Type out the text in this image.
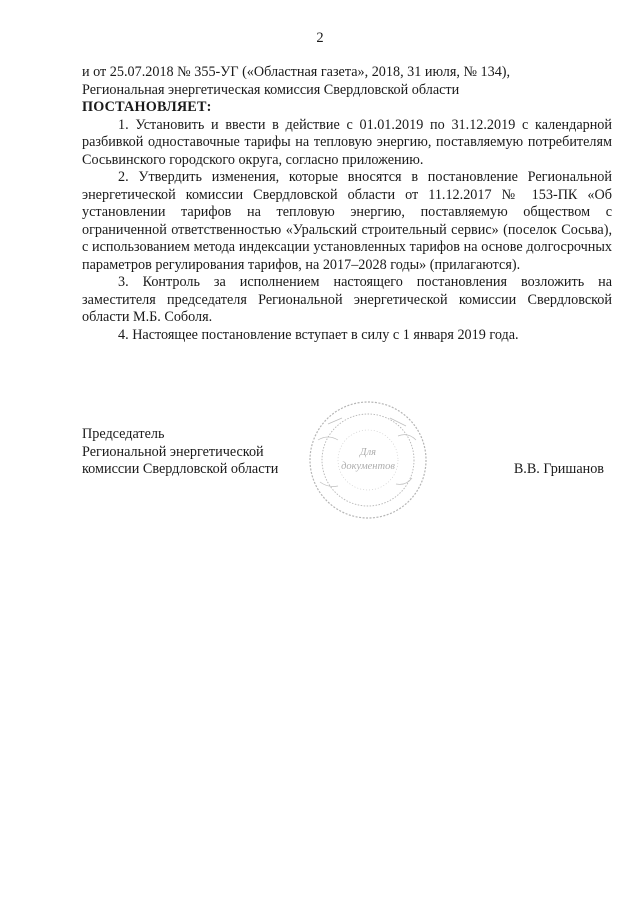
2

и от 25.07.2018 № 355-УГ («Областная газета», 2018, 31 июля, № 134),

Региональная энергетическая комиссия Свердловской области

ПОСТАНОВЛЯЕТ:

1. Установить и ввести в действие с 01.01.2019 по 31.12.2019 с календарной разбивкой одноставочные тарифы на тепловую энергию, поставляемую потребителям Сосьвинского городского округа, согласно приложению.

2. Утвердить изменения, которые вносятся в постановление Региональной энергетической комиссии Свердловской области от 11.12.2017 № 153-ПК «Об установлении тарифов на тепловую энергию, поставляемую обществом с ограниченной ответственностью «Уральский строительный сервис» (поселок Сосьва), с использованием метода индексации установленных тарифов на основе долгосрочных параметров регулирования тарифов, на 2017–2028 годы» (прилагаются).

3. Контроль за исполнением настоящего постановления возложить на заместителя председателя Региональной энергетической комиссии Свердловской области М.Б. Соболя.

4. Настоящее постановление вступает в силу с 1 января 2019 года.

Председатель
Региональной энергетической
комиссии Свердловской области	В.В. Гришанов
Для
документов
